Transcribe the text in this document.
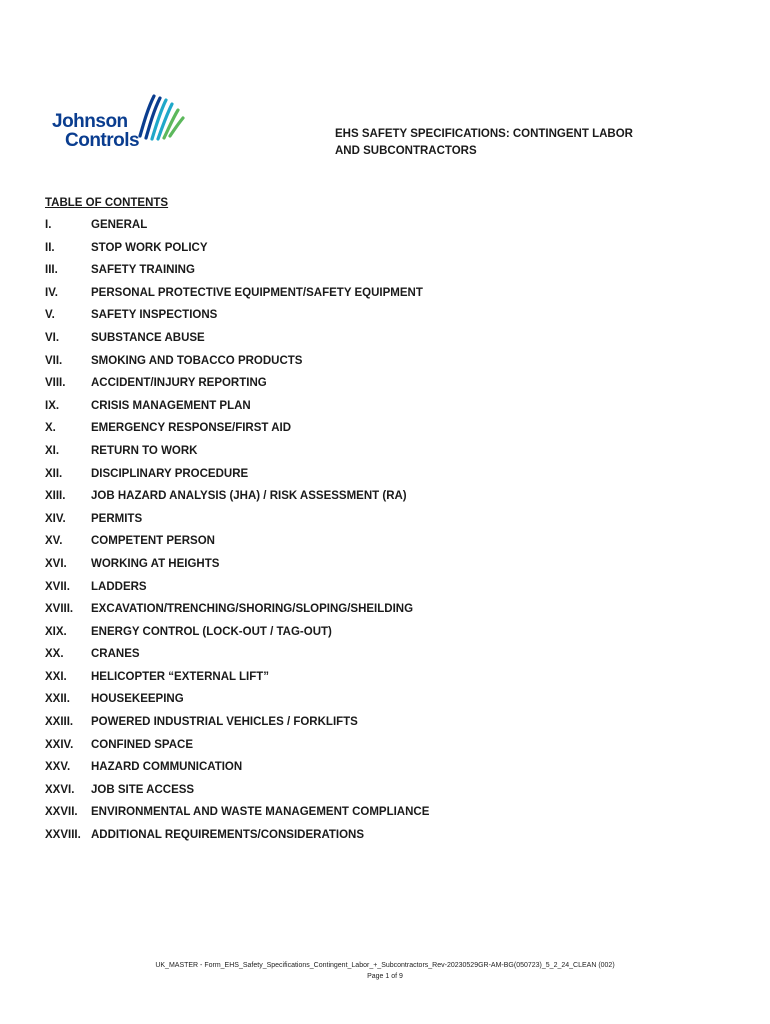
Johnson
Controls	EHS SAFETY SPECIFICATIONS: CONTINGENT LABOR AND SUBCONTRACTORS
TABLE OF CONTENTS
I.	GENERAL
II.	STOP WORK POLICY
III.	SAFETY TRAINING
IV.	PERSONAL PROTECTIVE EQUIPMENT/SAFETY EQUIPMENT
V.	SAFETY INSPECTIONS
VI.	SUBSTANCE ABUSE
VII.	SMOKING AND TOBACCO PRODUCTS
VIII.	ACCIDENT/INJURY REPORTING
IX.	CRISIS MANAGEMENT PLAN
X.	EMERGENCY RESPONSE/FIRST AID
XI.	RETURN TO WORK
XII.	DISCIPLINARY PROCEDURE
XIII.	JOB HAZARD ANALYSIS (JHA) / RISK ASSESSMENT (RA)
XIV.	PERMITS
XV.	COMPETENT PERSON
XVI.	WORKING AT HEIGHTS
XVII.	LADDERS
XVIII.	EXCAVATION/TRENCHING/SHORING/SLOPING/SHEILDING
XIX.	ENERGY CONTROL (LOCK-OUT / TAG-OUT)
XX.	CRANES
XXI.	HELICOPTER “EXTERNAL LIFT”
XXII.	HOUSEKEEPING
XXIII.	POWERED INDUSTRIAL VEHICLES / FORKLIFTS
XXIV.	CONFINED SPACE
XXV.	HAZARD COMMUNICATION
XXVI.	JOB SITE ACCESS
XXVII.	ENVIRONMENTAL AND WASTE MANAGEMENT COMPLIANCE
XXVIII. ADDITIONAL REQUIREMENTS/CONSIDERATIONS
UK_MASTER - Form_EHS_Safety_Specifications_Contingent_Labor_+_Subcontractors_Rev-20230529GR-AM-BG(050723)_5_2_24_CLEAN (002)
Page 1 of 9
